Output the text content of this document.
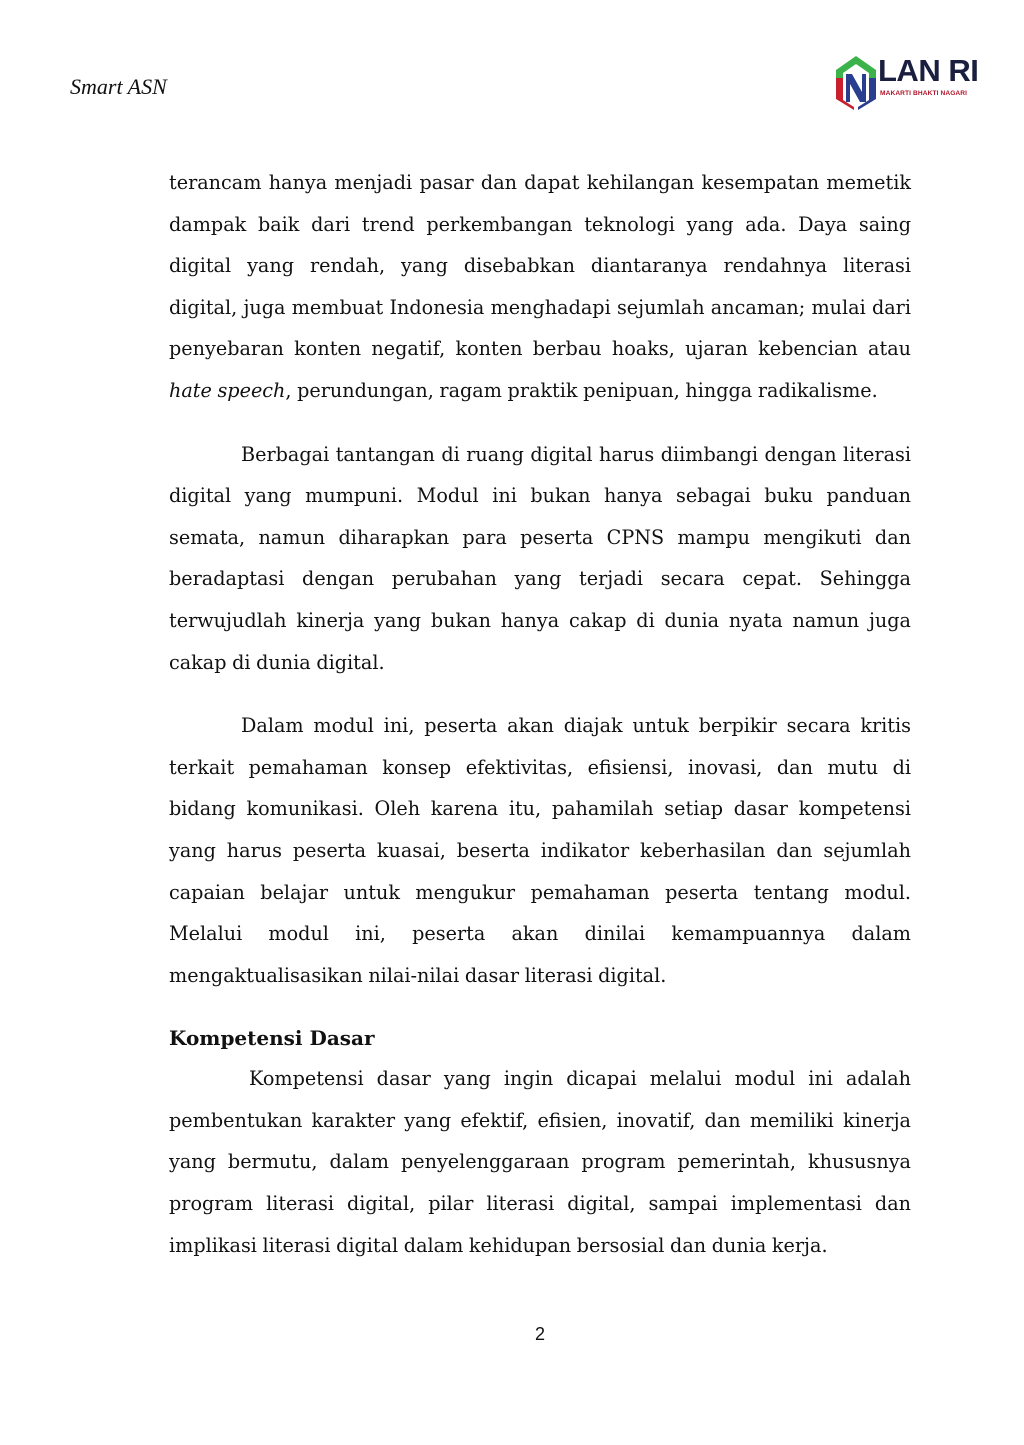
Smart ASN	LAN RI
MAKARTI BHAKTI NAGARI

terancam hanya menjadi pasar dan dapat kehilangan kesempatan memetik dampak baik dari trend perkembangan teknologi yang ada. Daya saing digital yang rendah, yang disebabkan diantaranya rendahnya literasi digital, juga membuat Indonesia menghadapi sejumlah ancaman; mulai dari penyebaran konten negatif, konten berbau hoaks, ujaran kebencian atau hate speech, perundungan, ragam praktik penipuan, hingga radikalisme.

Berbagai tantangan di ruang digital harus diimbangi dengan literasi digital yang mumpuni. Modul ini bukan hanya sebagai buku panduan semata, namun diharapkan para peserta CPNS mampu mengikuti dan beradaptasi dengan perubahan yang terjadi secara cepat. Sehingga terwujudlah kinerja yang bukan hanya cakap di dunia nyata namun juga cakap di dunia digital.

Dalam modul ini, peserta akan diajak untuk berpikir secara kritis terkait pemahaman konsep efektivitas, efisiensi, inovasi, dan mutu di bidang komunikasi. Oleh karena itu, pahamilah setiap dasar kompetensi yang harus peserta kuasai, beserta indikator keberhasilan dan sejumlah capaian belajar untuk mengukur pemahaman peserta tentang modul. Melalui modul ini, peserta akan dinilai kemampuannya dalam mengaktualisasikan nilai-nilai dasar literasi digital.

Kompetensi Dasar

Kompetensi dasar yang ingin dicapai melalui modul ini adalah pembentukan karakter yang efektif, efisien, inovatif, dan memiliki kinerja yang bermutu, dalam penyelenggaraan program pemerintah, khususnya program literasi digital, pilar literasi digital, sampai implementasi dan implikasi literasi digital dalam kehidupan bersosial dan dunia kerja.

2
